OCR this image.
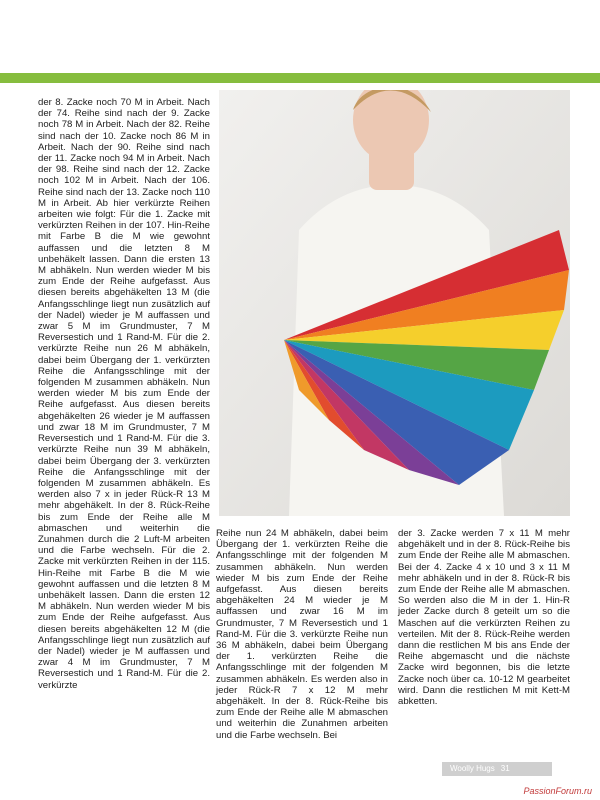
der 8. Zacke noch 70 M in Arbeit. Nach der 74. Reihe sind nach der 9. Zacke noch 78 M in Arbeit. Nach der 82. Reihe sind nach der 10. Zacke noch 86 M in Arbeit. Nach der 90. Reihe sind nach der 11. Zacke noch 94 M in Arbeit. Nach der 98. Reihe sind nach der 12. Zacke noch 102 M in Arbeit. Nach der 106. Reihe sind nach der 13. Zacke noch 110 M in Arbeit. Ab hier verkürzte Reihen arbeiten wie folgt: Für die 1. Zacke mit verkürzten Reihen in der 107. Hin-Reihe mit Farbe B die M wie gewohnt auffassen und die letzten 8 M unbehäkelt lassen. Dann die ersten 13 M abhäkeln. Nun werden wieder M bis zum Ende der Reihe aufgefasst. Aus diesen bereits abgehäkelten 13 M (die Anfangsschlinge liegt nun zusätzlich auf der Nadel) wieder je M auffassen und zwar 5 M im Grundmuster, 7 M Reversestich und 1 Rand-M. Für die 2. verkürzte Reihe nun 26 M abhäkeln, dabei beim Übergang der 1. verkürzten Reihe die Anfangsschlinge mit der folgenden M zusammen abhäkeln. Nun werden wieder M bis zum Ende der Reihe aufgefasst. Aus diesen bereits abgehäkelten 26 wieder je M auffassen und zwar 18 M im Grundmuster, 7 M Reversestich und 1 Rand-M. Für die 3. verkürzte Reihe nun 39 M abhäkeln, dabei beim Übergang der 3. verkürzten Reihe die Anfangsschlinge mit der folgenden M zusammen abhäkeln. Es werden also 7 x in jeder Rück-R 13 M mehr abgehäkelt. In der 8. Rück-Reihe bis zum Ende der Reihe alle M abmaschen und weiterhin die Zunahmen durch die 2 Luft-M arbeiten und die Farbe wechseln. Für die 2. Zacke mit verkürzten Reihen in der 115. Hin-Reihe mit Farbe B die M wie gewohnt auffassen und die letzten 8 M unbehäkelt lassen. Dann die ersten 12 M abhäkeln. Nun werden wieder M bis zum Ende der Reihe aufgefasst. Aus diesen bereits abgehäkelten 12 M (die Anfangsschlinge liegt nun zusätzlich auf der Nadel) wieder je M auffassen und zwar 4 M im Grundmuster, 7 M Reversestich und 1 Rand-M. Für die 2. verkürzte

Reihe nun 24 M abhäkeln, dabei beim Übergang der 1. verkürzten Reihe die Anfangsschlinge mit der folgenden M zusammen abhäkeln. Nun werden wieder M bis zum Ende der Reihe aufgefasst. Aus diesen bereits abgehäkelten 24 M wieder je M auffassen und zwar 16 M im Grundmuster, 7 M Reversestich und 1 Rand-M. Für die 3. verkürzte Reihe nun 36 M abhäkeln, dabei beim Übergang der 1. verkürzten Reihe die Anfangsschlinge mit der folgenden M zusammen abhäkeln. Es werden also in jeder Rück-R 7 x 12 M mehr abgehäkelt. In der 8. Rück-Reihe bis zum Ende der Reihe alle M abmaschen und weiterhin die Zunahmen arbeiten und die Farbe wechseln. Bei

der 3. Zacke werden 7 x 11 M mehr abgehäkelt und in der 8. Rück-Reihe bis zum Ende der Reihe alle M abmaschen. Bei der 4. Zacke 4 x 10 und 3 x 11 M mehr abhäkeln und in der 8. Rück-R bis zum Ende der Reihe alle M abmaschen. So werden also die M in der 1. Hin-R jeder Zacke durch 8 geteilt um so die Maschen auf die verkürzten Reihen zu verteilen. Mit der 8. Rück-Reihe werden dann die restlichen M bis ans Ende der Reihe abgemascht und die nächste Zacke wird begonnen, bis die letzte Zacke noch über ca. 10-12 M gearbeitet wird. Dann die restlichen M mit Kett-M abketten.

Woolly Hugs 31
PassionForum.ru
